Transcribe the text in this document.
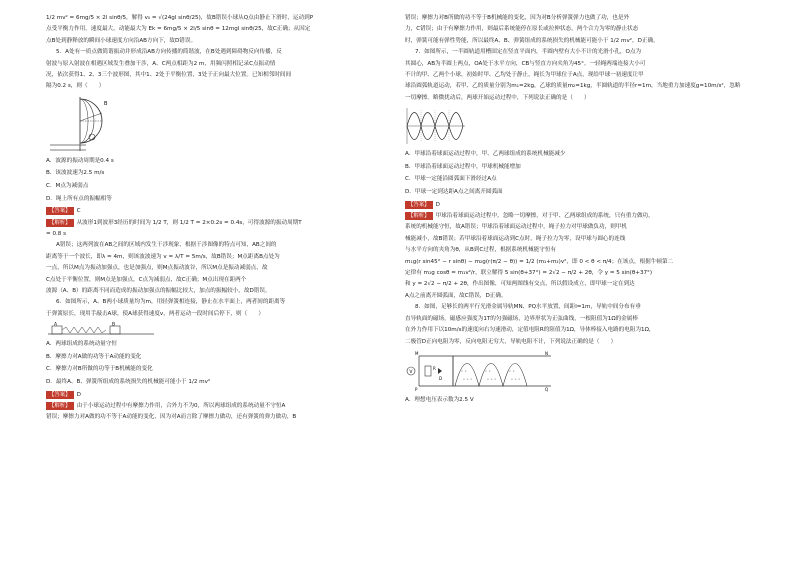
1/2 mv² = 6mg/5 × 2l sinθ/5，解得 v₀ = √(24gl sinθ/25)，故B错误小球从Q点由静止下滑时，运动到P

点受平衡力作用，速度最大，动能最大为 Ek = 6mg/5 × 2l/5 sinθ = 12mgl sinθ/25，故C正确；从因定

点B处到静释放的瞬间小球速度方向沿AB方向下，故D错误。

5．A处有一质点做简谐振动并形成沿AB方向传播的简谐波，在B处遇到障碍物反向传播，反

射波与原入射波在相遇区域发生叠加干涉，A、C两点相距为2 m，用频闪照相记录C点振动情

况，依次获得1、2、3三个波形图，其中1、2处于平衡位置，3处于正向最大位置。已知相邻时间间

隔为0.2 s，则（　　）

B

A．波源的振动周期是0.4 s

B．该波波速为2.5 m/s

C．M点为减弱点

D．绳上所有点的振幅相等

【答案】 C

【解析】 从波形1到波形3经历的时间为 1/2 T，则 1/2 T = 2×0.2s = 0.4s，可得波源的振动周期T

= 0.8 s

A错误；这两列波在AB之间的区域内发生干涉现象，根据干涉图像的特点可知，AB之间的

距离等于一个波长，即λ = 4m，则该波波速为 v = λ/T = 5m/s，故B错误；M点距离B点处为

一点，所以M点为振动加强点，也是加强点，则M点振动波谷，所以M点是振动减弱点，故

C点处于平衡位置，则M点是加强点，C点为减弱点，故C正确；M点出现在距两个

波源（A、B）的距离不同而造成的振动加强点的振幅比较大，加点的振幅较小，故D错误。

6．如图所示，A、B两小球质量均为m，用轻弹簧相连接，静止在水平面上，两者间的距离等

于弹簧原长，现用手敲击A球，使A球获得速度v，两者运动一段时间后停下，则（　　）

A	B

A．两球组成的系统动量守恒

B．摩擦力对A做的功等于A动能的变化

C．摩擦力对B所做的功等于B机械能的变化

D．最终A、B、弹簧所组成的系统损失的机械能可能小于 1/2 mv²

【答案】 D

【解析】 由于小球运动过程中有摩擦力作用，合外力不为0，所以两球组成的系统动量不守恒A

错误；摩擦力对A做的功不等于A动能的变化，因为对A而言除了摩擦力做功，还有弹簧的弹力做功，B

错误；摩擦力对B所做的功不等于B机械能的变化，因为对B分析弹簧弹力也做了功，也是外

力，C错误；由于有摩擦力作用，则最后系统能停在原长或拉伸状态，两个合力为零的静止状态

时，弹簧可能有弹性势能，所以最终A、B、弹簧组成的系统损失的机械能可能小于 1/2 mv²，D正确。

7．如图所示，一半圆轨道用槽固定在竖直平面内，半圆内壁有大小不计的光滑小孔，O点为

其圆心，AB为半圆上两点，OA处于水平方向，CB与竖直方向夹角为45°。一轻绳两端连接大小可

不计的甲、乙两个小球，初始时甲、乙均处于静止，绳长为甲球位于A点，现给甲球一初速度让甲

球沿圆弧轨道运动，若甲、乙的质量分别为m₁=2kg，乙球的质量m₂=1kg，半圆轨道的半径r=1m，当地重力加速度g=10m/s²，忽略

一切摩擦。略微扰动后，两球开始运动过程中，下列说法正确的是（　　）

A．甲球沿着球面运动过程中，甲、乙两球组成的系统机械能减少

B．甲球沿着球面运动过程中，甲球机械能增加

C．甲球一定能沿圆弧面下滑经过A点

D．甲球一定到达距A点之间离开圆弧面

【答案】 D

【解析】 甲球沿着球面运动过程中，忽略一切摩擦，对于甲、乙两球组成的系统，只有重力做功，

系统的机械能守恒，故A错误；甲球沿着球面运动过程中，绳子拉力对甲球做负功，则甲机

械能减小，故B错误；若甲球沿着球面运动到C点时，绳子拉力为零，设甲球与圆心的连线

与水平方向的夹角为θ，从B到C过程，根据系统机械能守恒有

m₁g(r sin45° − r sinθ) − m₂g(r(π/2 − θ)) = 1/2 (m₁+m₂)v²，即 0 < θ < π/4；在该点，根据牛顿第二

定律有 m₁g cosθ = m₁v²/r，联立解得 5 sin(θ+37°) = 2√2 − π/2 + 2θ，令 y = 5 sin(θ+37°)

和 y = 2√2 − π/2 + 2θ，作出图像，可知两图线有交点，所以假设成立，即甲球一定在到达

A点之前离开圆弧面，故C错误，D正确。

8．如图，足够长的两平行光滑金属导轨MN、PQ水平放置，间距l=1m，导轨中间分布有垂

直导轨面的磁场，磁感应强度为1T的匀强磁场，边界形状为正弦曲线，一根阻值为1Ω的金属棒

在外力作用下以10m/s的速度向右匀速滑动，定值电阻R的阻值为1Ω，导体棒接入电路的电阻为1Ω，

二极管D正向电阻为零，反向电阻无穷大，导轨电阻不计，下列说法正确的是（　　）

V
R
D
× ×
× × ×
× ×
× × ×
× ×
× × ×
M
P
N
Q

A．理想电压表示数为2.5 V
